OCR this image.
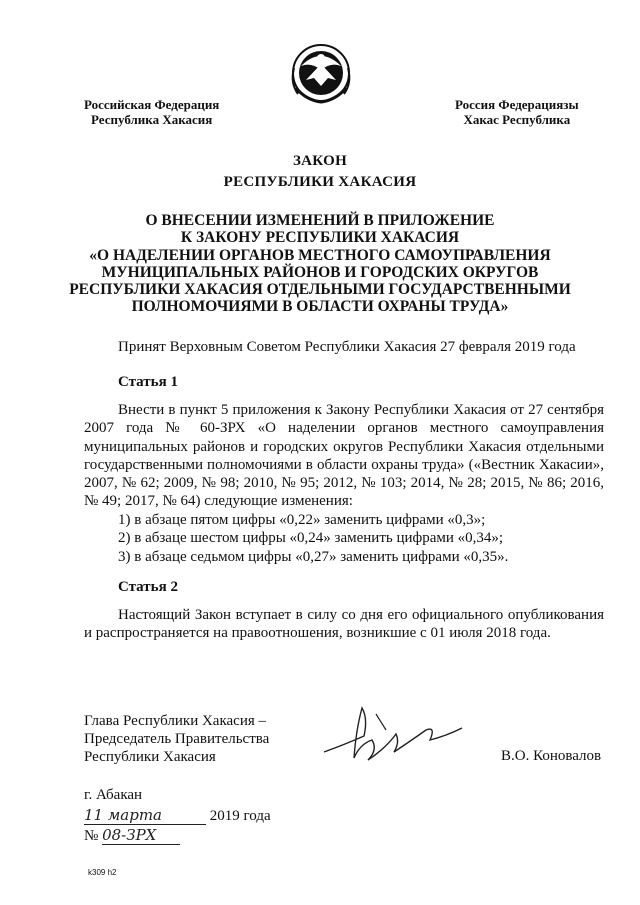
Российская Федерация
Республика Хакасия
Россия Федерациязы
Хакас Республика
ЗАКОН
РЕСПУБЛИКИ ХАКАСИЯ
О ВНЕСЕНИИ ИЗМЕНЕНИЙ В ПРИЛОЖЕНИЕ
К ЗАКОНУ РЕСПУБЛИКИ ХАКАСИЯ
«О НАДЕЛЕНИИ ОРГАНОВ МЕСТНОГО САМОУПРАВЛЕНИЯ
МУНИЦИПАЛЬНЫХ РАЙОНОВ И ГОРОДСКИХ ОКРУГОВ
РЕСПУБЛИКИ ХАКАСИЯ ОТДЕЛЬНЫМИ ГОСУДАРСТВЕННЫМИ
ПОЛНОМОЧИЯМИ В ОБЛАСТИ ОХРАНЫ ТРУДА»
Принят Верховным Советом Республики Хакасия 27 февраля 2019 года
Статья 1
Внести в пункт 5 приложения к Закону Республики Хакасия от 27 сентября 2007 года № 60-ЗРХ «О наделении органов местного самоуправления муниципальных районов и городских округов Республики Хакасия отдельными государственными полномочиями в области охраны труда» («Вестник Хакасии», 2007, № 62; 2009, № 98; 2010, № 95; 2012, № 103; 2014, № 28; 2015, № 86; 2016, № 49; 2017, № 64) следующие изменения:
1) в абзаце пятом цифры «0,22» заменить цифрами «0,3»;
2) в абзаце шестом цифры «0,24» заменить цифрами «0,34»;
3) в абзаце седьмом цифры «0,27» заменить цифрами «0,35».
Статья 2
Настоящий Закон вступает в силу со дня его официального опубликования и распространяется на правоотношения, возникшие с 01 июля 2018 года.
Глава Республики Хакасия –
Председатель Правительства
Республики Хакасия	В.О. Коновалов
г. Абакан
11 марта	2019 года
№ 08-ЗРХ
k309 h2
